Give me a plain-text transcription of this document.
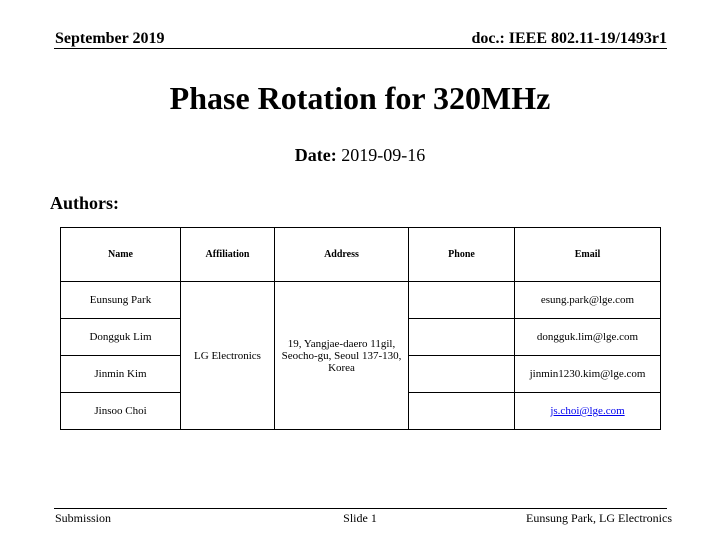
September 2019	doc.: IEEE 802.11-19/1493r1
Phase Rotation for 320MHz
Date: 2019-09-16
Authors:
Name	Affiliation	Address	Phone	Email
Eunsung Park	LG Electronics	19, Yangjae-daero 11gil, Seocho-gu, Seoul 137-130, Korea		esung.park@lge.com
Dongguk Lim				dongguk.lim@lge.com
Jinmin Kim				jinmin1230.kim@lge.com
Jinsoo Choi				js.choi@lge.com
Submission	Slide 1	Eunsung Park, LG Electronics
